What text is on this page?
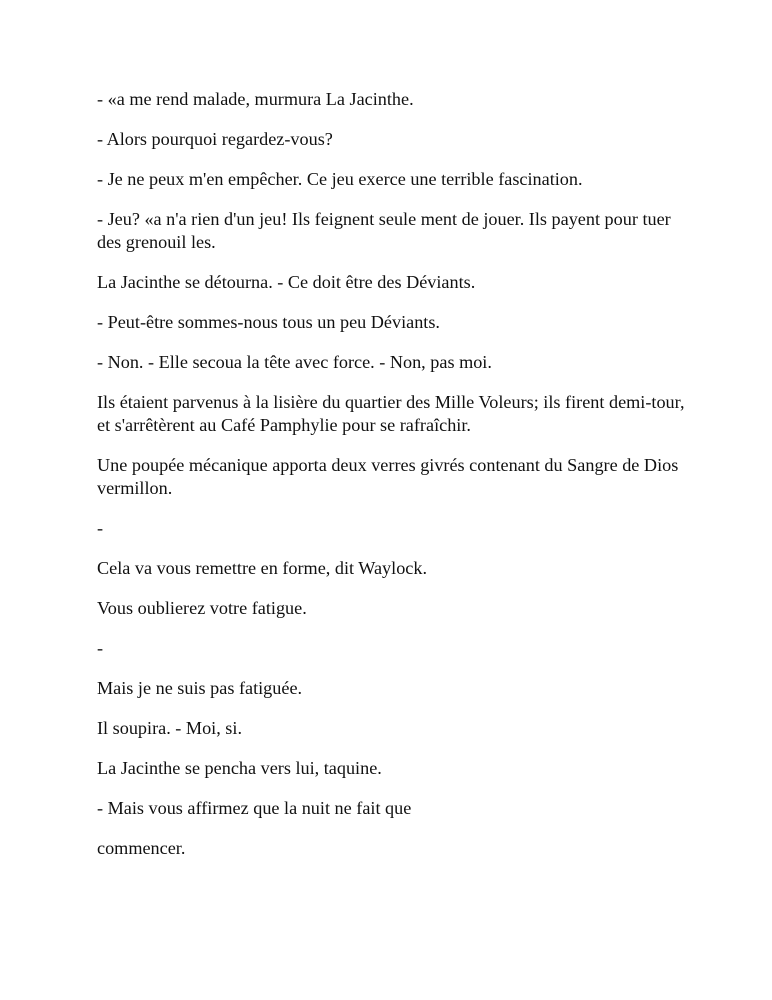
- «a me rend malade, murmura La Jacinthe.

- Alors pourquoi regardez-vous?

- Je ne peux m'en empêcher. Ce jeu exerce une terrible fascination.

- Jeu? «a n'a rien d'un jeu! Ils feignent seule ment de jouer. Ils payent pour tuer des grenouil les.

La Jacinthe se détourna. - Ce doit être des Déviants.

- Peut-être sommes-nous tous un peu Déviants.

- Non. - Elle secoua la tête avec force. - Non, pas moi.

Ils étaient parvenus à la lisière du quartier des Mille Voleurs; ils firent demi-tour, et s'arrêtèrent au Café Pamphylie pour se rafraîchir.

Une poupée mécanique apporta deux verres givrés contenant du Sangre de Dios vermillon.

-

Cela va vous remettre en forme, dit Waylock.

Vous oublierez votre fatigue.

-

Mais je ne suis pas fatiguée.

Il soupira. - Moi, si.

La Jacinthe se pencha vers lui, taquine.

- Mais vous affirmez que la nuit ne fait que

commencer.
